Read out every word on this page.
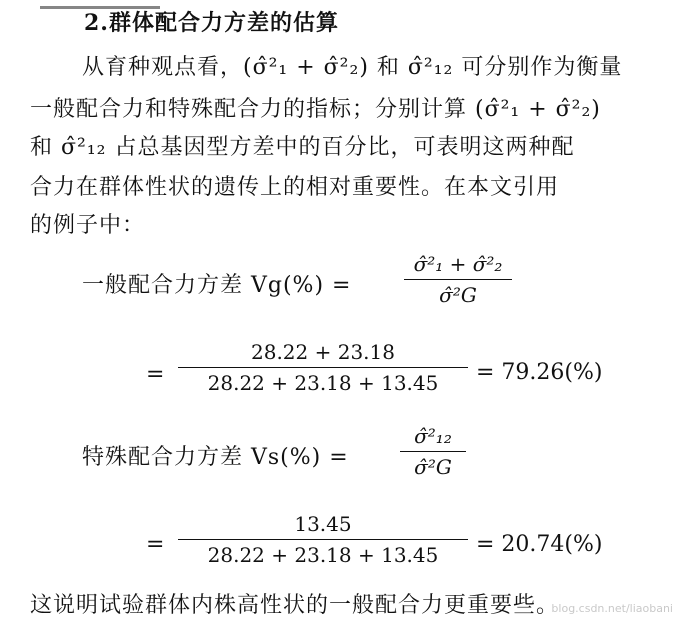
2.群体配合力方差的估算
从育种观点看，(σ̂²₁ + σ̂²₂) 和 σ̂²₁₂ 可分别作为衡量
一般配合力和特殊配合力的指标；分别计算 (σ̂²₁ + σ̂²₂)
和 σ̂²₁₂ 占总基因型方差中的百分比，可表明这两种配
合力在群体性状的遗传上的相对重要性。在本文引用
的例子中：
一般配合力方差 Vg(%) =
σ̂²₁ + σ̂²₂
σ̂²G
=
28.22 + 23.18
28.22 + 23.18 + 13.45	= 79.26(%)
特殊配合力方差 Vs(%) =
σ̂²₁₂
σ̂²G
=
13.45
28.22 + 23.18 + 13.45	= 20.74(%)
这说明试验群体内株高性状的一般配合力更重要些。
blog.csdn.net/liaobani
